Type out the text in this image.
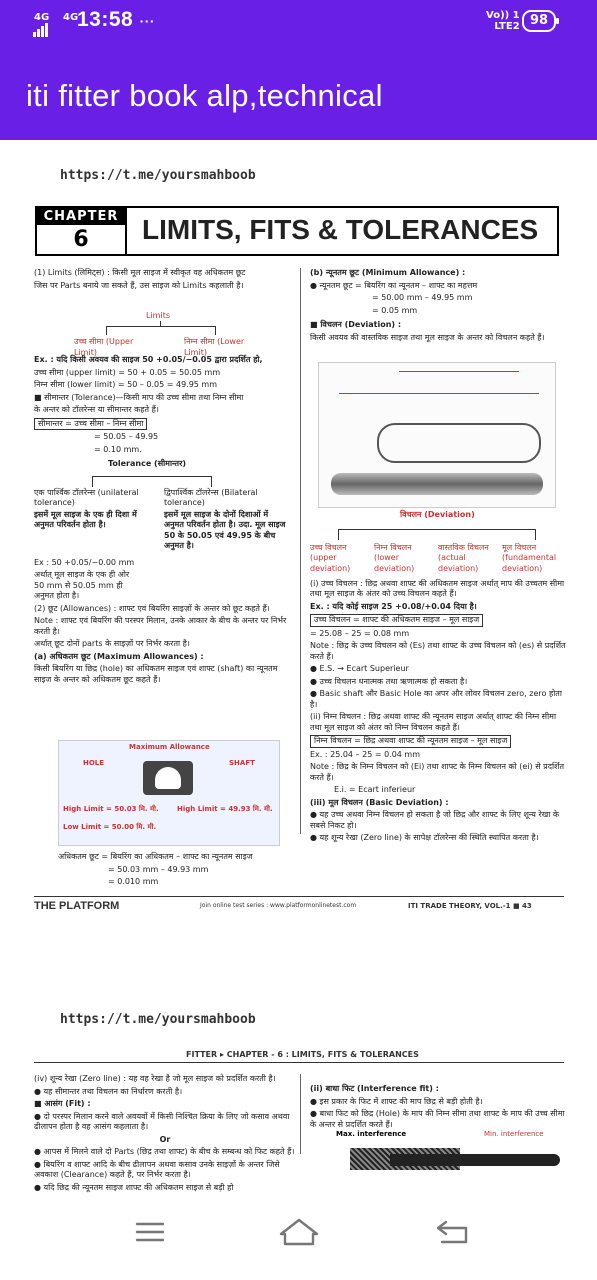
4G 4G
13:58 ···	Vo)) 1
LTE2 98
iti fitter book alp,technical
https://t.me/yoursmahboob
CHAPTER
6	LIMITS, FITS & TOLERANCES

(1) Limits (लिमिट्स) : किसी मूल साइज में स्वीकृत वह अधिकतम छूट

जिस पर Parts बनाये जा सकते हैं, उस साइज को Limits कहलाती है।

Limits
उच्च सीमा (Upper Limit)
निम्न सीमा (Lower Limit)

Ex. : यदि किसी अवयव की साइज 50 +0.05/−0.05 द्वारा प्रदर्शित हो,

उच्च सीमा (upper limit) = 50 + 0.05 = 50.05 mm

निम्न सीमा (lower limit) = 50 – 0.05 = 49.95 mm

■ सीमान्तर (Tolerance)—किसी माप की उच्च सीमा तथा निम्न सीमा

के अन्तर को टॉलरेन्स या सीमान्तर कहते हैं।

सीमान्तर = उच्च सीमा – निम्न सीमा

= 50.05 – 49.95

= 0.10 mm.

Tolerance (सीमान्तर)

एक पार्श्विक टॉलरेन्स (unilateral tolerance)
द्विपार्श्विक टॉलरेन्स (Bilateral tolerance)
इसमें मूल साइज के एक ही दिशा में अनुमत परिवर्तन होता है।
इसमें मूल साइज के दोनों दिशाओं में अनुमत परिवर्तन होता है। उदा. मूल साइज 50 के 50.05 एवं 49.95 के बीच अनुमत है।

Ex : 50 +0.05/−0.00 mm

अर्थात् मूल साइज के एक ही ओर 50 mm से 50.05 mm ही अनुमत होता है।

(2) छूट (Allowances) : शाफ्ट एवं बियरिंग साइज़ों के अन्तर को छूट कहते हैं।

Note : शाफ्ट एवं बियरिंग की परस्पर मिलान, उनके आकार के बीच के अन्तर पर निर्भर करती है।

अर्थात् छूट दोनों parts के साइज़ों पर निर्भर करता है।

(a) अधिकतम छूट (Maximum Allowances) :

किसी बियरिंग या छिद्र (hole) का अधिकतम साइज एवं शाफ्ट (shaft) का न्यूनतम साइज के अन्तर को अधिकतम छूट कहते हैं।

Maximum Allowance
HOLE	SHAFT
High Limit = 50.03 मि. मी.
Low Limit = 50.00 मि. मी.
High Limit = 49.93 मि. मी.

अधिकतम छूट = बियरिंग का अधिकतम – शाफ्ट का न्यूनतम साइज

= 50.03 mm – 49.93 mm

= 0.010 mm

(b) न्यूनतम छूट (Minimum Allowance) :

● न्यूनतम छूट = बियरिंग का न्यूनतम – शाफ्ट का महत्तम

= 50.00 mm – 49.95 mm

= 0.05 mm

■ विचलन (Deviation) :

किसी अवयव की वास्तविक साइज तथा मूल साइज के अन्तर को विचलन कहते हैं।

विचलन (Deviation)

उच्च विचलन (upper deviation)
निम्न विचलन (lower deviation)
वास्तविक विचलन (actual deviation)
मूल विचलन (fundamental deviation)

(i) उच्च विचलन : छिद्र अथवा शाफ्ट की अधिकतम साइज अर्थात् माप की उच्चतम सीमा तथा मूल साइज के अंतर को उच्च विचलन कहते हैं।

Ex. : यदि कोई साइज 25 +0.08/+0.04 दिया है।

उच्च विचलन = शाफ्ट की अधिकतम साइज – मूल साइज

= 25.08 – 25 = 0.08 mm

Note : छिद्र के उच्च विचलन को (Es) तथा शाफ्ट के उच्च विचलन को (es) से प्रदर्शित करते हैं।

● E.S. → Ecart Superieur

● उच्च विचलन धनात्मक तथा ऋणात्मक हो सकता है।

● Basic shaft और Basic Hole का अपर और लोवर विचलन zero, zero होता है।

(ii) निम्न विचलन : छिद्र अथवा शाफ्ट की न्यूनतम साइज अर्थात् शाफ्ट की निम्न सीमा तथा मूल साइज को अंतर को निम्न विचलन कहते हैं।

निम्न विचलन = छिद्र अथवा शाफ्ट की न्यूनतम साइज – मूल साइज

Ex. : 25.04 – 25 = 0.04 mm

Note : छिद्र के निम्न विचलन को (Ei) तथा शाफ्ट के निम्न विचलन को (ei) से प्रदर्शित करते हैं।

E.i. = Ecart inferieur

(iii) मूल विचलन (Basic Deviation) :

● यह उच्च अथवा निम्न विचलन हो सकता है जो छिद्र और शाफ्ट के लिए शून्य रेखा के सबसे निकट हो।

● यह शून्य रेखा (Zero line) के सापेक्ष टॉलरेन्स की स्थिति स्थापित करता है।

THE PLATFORM	Join online test series : www.platformonlinetest.com	ITI TRADE THEORY, VOL.-1 ■ 43
https://t.me/yoursmahboob
FITTER ▸ CHAPTER - 6 : LIMITS, FITS & TOLERANCES

(iv) शून्य रेखा (Zero line) : यह वह रेखा है जो मूल साइज को प्रदर्शित करती है।

● यह सीमान्तर तथा विचलन का निर्धारण करती है।

■ आसंग (Fit) :

● दो परस्पर मिलान करने वाले अवयवों में किसी निश्चित क्रिया के लिए जो कसाव अथवा ढीलापन होता है वह आसंग कहलाता है।

Or

● आपस में मिलने वाले दो Parts (छिद्र तथा शाफ्ट) के बीच के सम्बन्ध को फिट कहते हैं।

● बियरिंग व शाफ्ट आदि के बीच ढीलापन अथवा कसाव उनके साइज़ों के अन्तर जिसे अवकाश (Clearance) कहते हैं, पर निर्भर करता है।

● यदि छिद्र की न्यूनतम साइज शाफ्ट की अधिकतम साइज से बड़ी हो

(ii) बाधा फिट (Interference fit) :

● इस प्रकार के फिट में शाफ्ट की माप छिद्र से बड़ी होती है।

● बाधा फिट को छिद्र (Hole) के माप की निम्न सीमा तथा शाफ्ट के माप की उच्च सीमा के अन्तर से प्रदर्शित करते हैं।

Max. interference	Min. interference
